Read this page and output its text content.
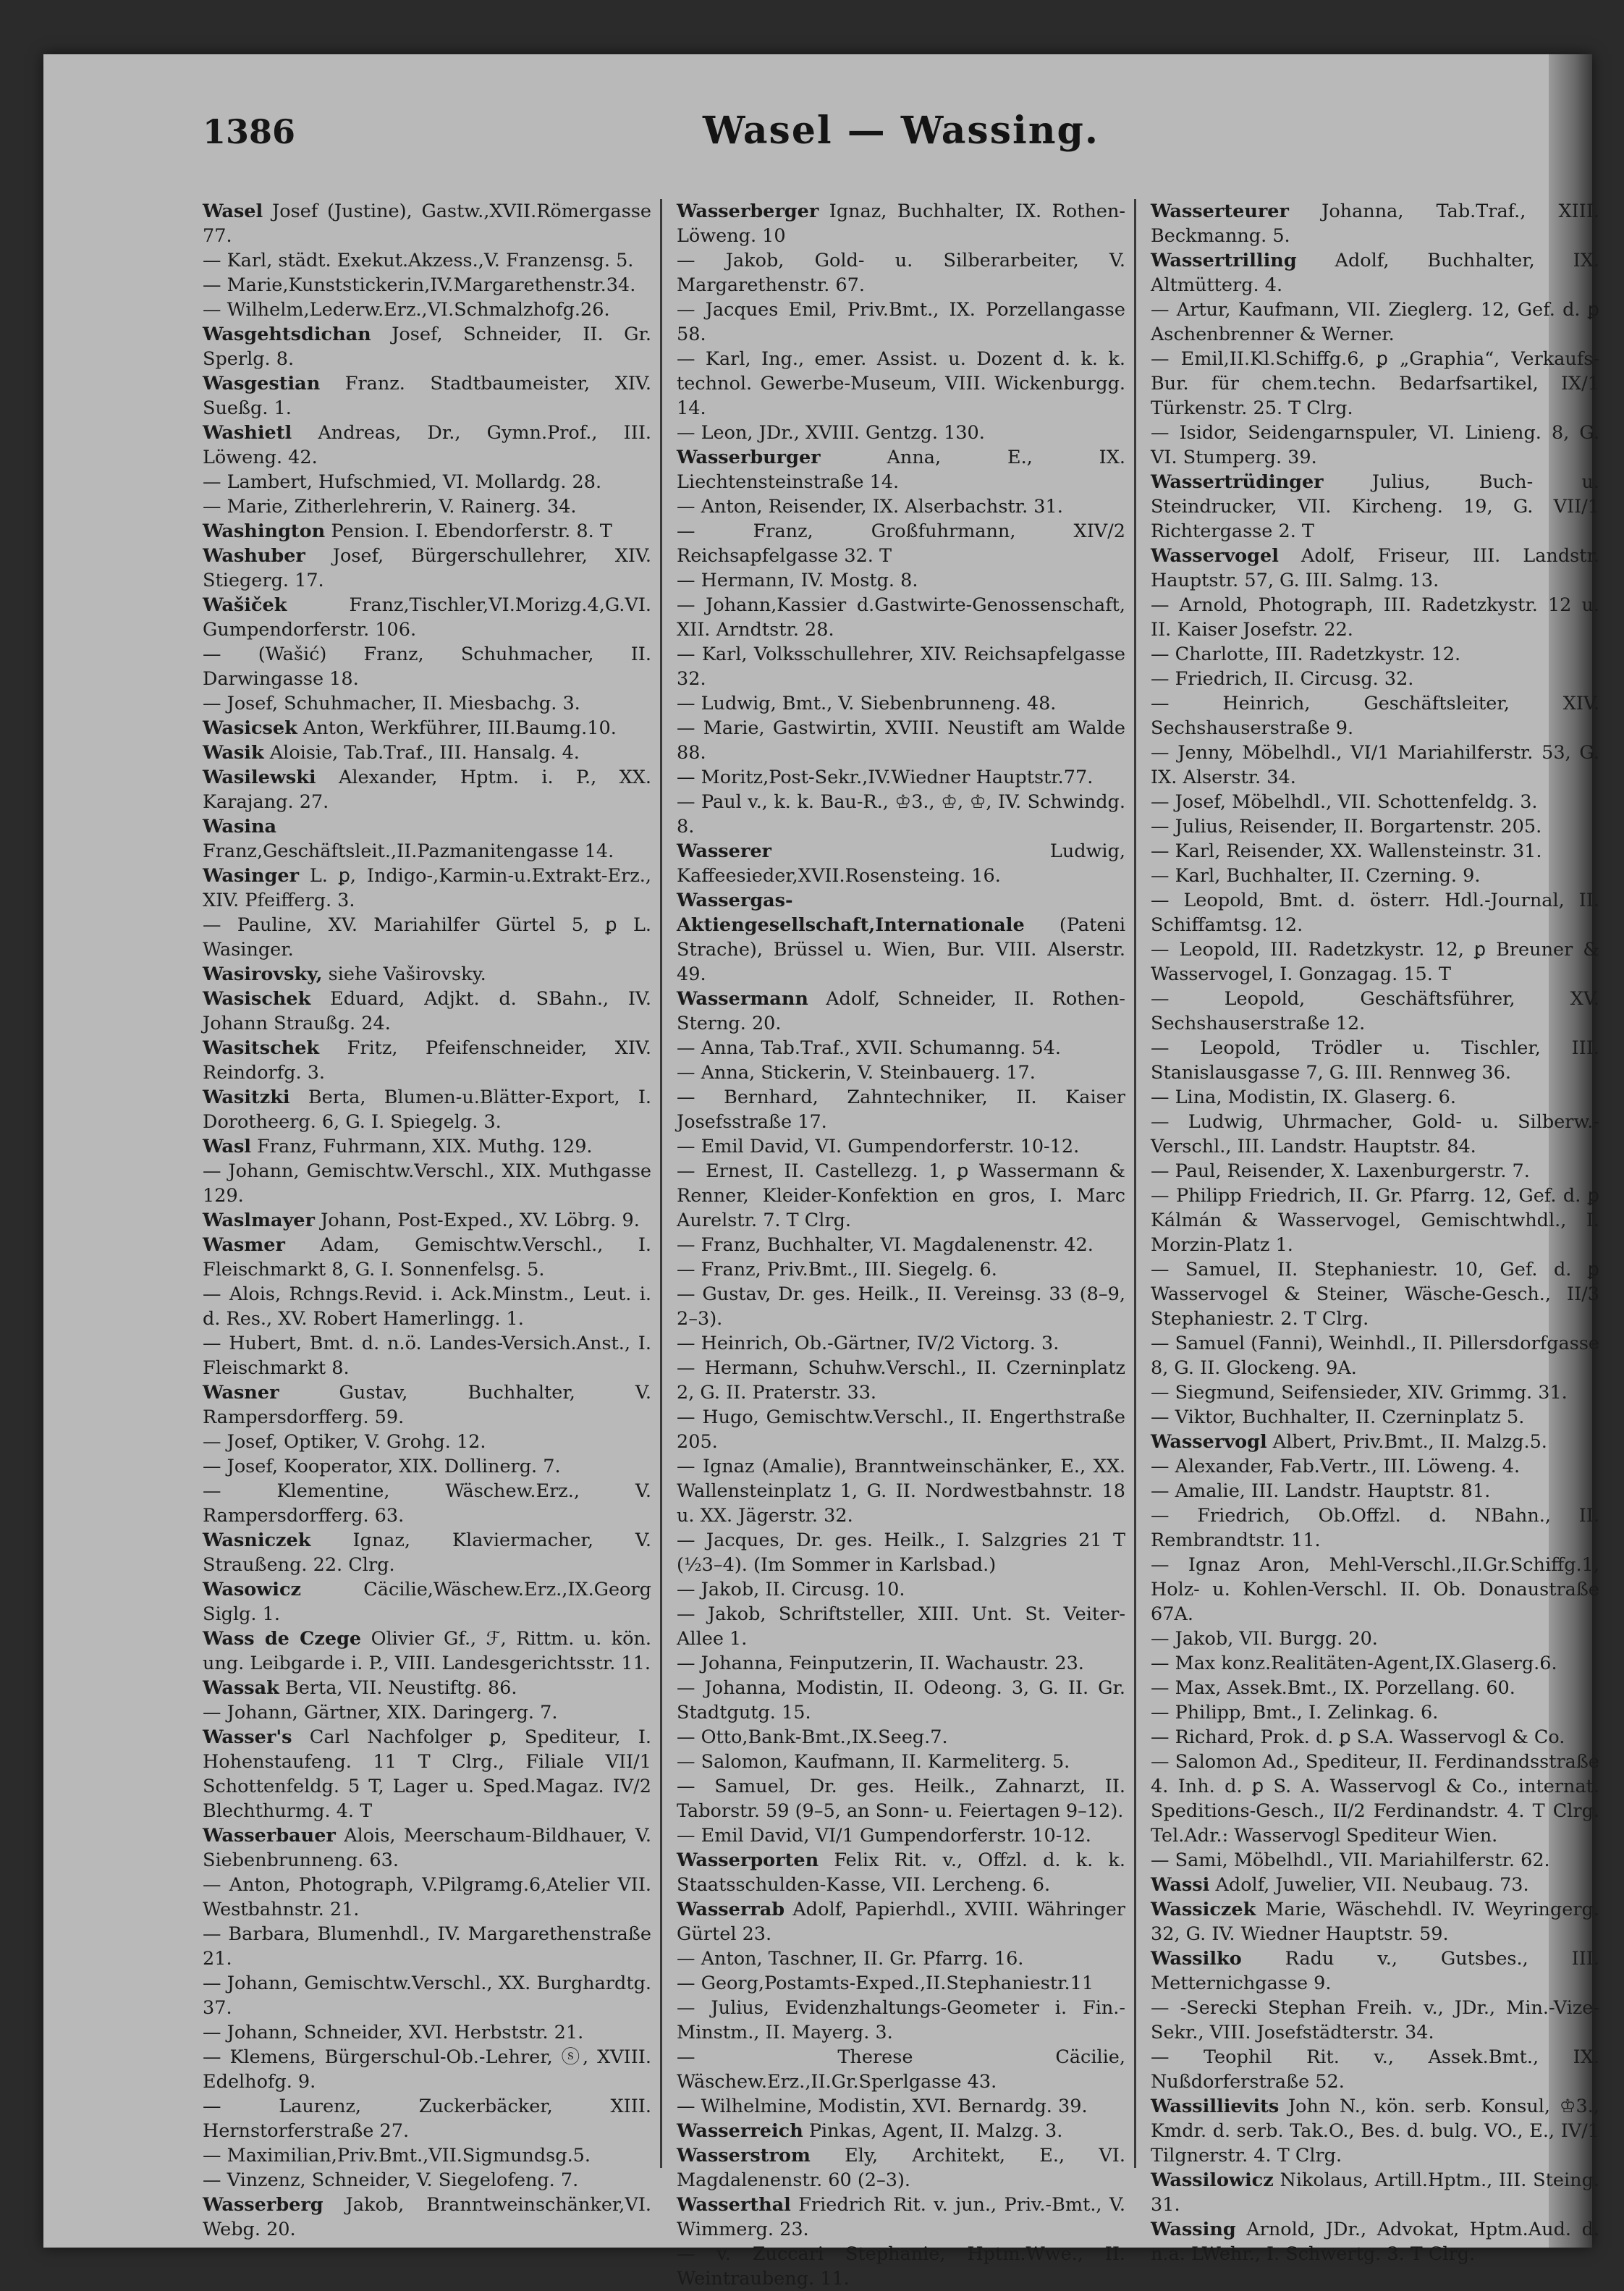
1386	Wasel — Wassing.

Wasel Josef (Justine), Gastw.,XVII.Römergasse 77.

— Karl, städt. Exekut.Akzess.,V. Franzensg. 5.

— Marie,Kunststickerin,IV.Margarethenstr.34.

— Wilhelm,Lederw.Erz.,VI.Schmalzhofg.26.

Wasgehtsdichan Josef, Schneider, II. Gr. Sperlg. 8.

Wasgestian Franz. Stadtbaumeister, XIV. Sueßg. 1.

Washietl Andreas, Dr., Gymn.Prof., III. Löweng. 42.

— Lambert, Hufschmied, VI. Mollardg. 28.

— Marie, Zitherlehrerin, V. Rainerg. 34.

Washington Pension. I. Ebendorferstr. 8. T

Washuber Josef, Bürgerschullehrer, XIV. Stiegerg. 17.

Wašiček Franz,Tischler,VI.Morizg.4,G.VI. Gumpendorferstr. 106.

— (Wašić) Franz, Schuhmacher, II. Darwingasse 18.

— Josef, Schuhmacher, II. Miesbachg. 3.

Wasicsek Anton, Werkführer, III.Baumg.10.

Wasik Aloisie, Tab.Traf., III. Hansalg. 4.

Wasilewski Alexander, Hptm. i. P., XX. Karajang. 27.

Wasina Franz,Geschäftsleit.,II.Pazmanitengasse 14.

Wasinger L. ꝑ, Indigo-,Karmin-u.Extrakt-Erz., XIV. Pfeifferg. 3.

— Pauline, XV. Mariahilfer Gürtel 5, ꝑ L. Wasinger.

Wasirovsky, siehe Vaširovsky.

Wasischek Eduard, Adjkt. d. SBahn., IV. Johann Straußg. 24.

Wasitschek Fritz, Pfeifenschneider, XIV. Reindorfg. 3.

Wasitzki Berta, Blumen-u.Blätter-Export, I. Dorotheerg. 6, G. I. Spiegelg. 3.

Wasl Franz, Fuhrmann, XIX. Muthg. 129.

— Johann, Gemischtw.Verschl., XIX. Muthgasse 129.

Waslmayer Johann, Post-Exped., XV. Löbrg. 9.

Wasmer Adam, Gemischtw.Verschl., I. Fleischmarkt 8, G. I. Sonnenfelsg. 5.

— Alois, Rchngs.Revid. i. Ack.Minstm., Leut. i. d. Res., XV. Robert Hamerlingg. 1.

— Hubert, Bmt. d. n.ö. Landes-Versich.Anst., I. Fleischmarkt 8.

Wasner Gustav, Buchhalter, V. Rampersdorfferg. 59.

— Josef, Optiker, V. Grohg. 12.

— Josef, Kooperator, XIX. Dollinerg. 7.

— Klementine, Wäschew.Erz., V. Rampersdorfferg. 63.

Wasniczek Ignaz, Klaviermacher, V. Straußeng. 22. Clrg.

Wasowicz Cäcilie,Wäschew.Erz.,IX.Georg Siglg. 1.

Wass de Czege Olivier Gf., ℱ, Rittm. u. kön. ung. Leibgarde i. P., VIII. Landesgerichtsstr. 11.

Wassak Berta, VII. Neustiftg. 86.

— Johann, Gärtner, XIX. Daringerg. 7.

Wasser's Carl Nachfolger ꝑ, Spediteur, I. Hohenstaufeng. 11 T Clrg., Filiale VII/1 Schottenfeldg. 5 T, Lager u. Sped.Magaz. IV/2 Blechthurmg. 4. T

Wasserbauer Alois, Meerschaum-Bildhauer, V. Siebenbrunneng. 63.

— Anton, Photograph, V.Pilgramg.6,Atelier VII. Westbahnstr. 21.

— Barbara, Blumenhdl., IV. Margarethenstraße 21.

— Johann, Gemischtw.Verschl., XX. Burghardtg. 37.

— Johann, Schneider, XVI. Herbststr. 21.

— Klemens, Bürgerschul-Ob.-Lehrer, ⓢ, XVIII. Edelhofg. 9.

— Laurenz, Zuckerbäcker, XIII. Hernstorferstraße 27.

— Maximilian,Priv.Bmt.,VII.Sigmundsg.5.

— Vinzenz, Schneider, V. Siegelofeng. 7.

Wasserberg Jakob, Branntweinschänker,VI. Webg. 20.

Wasserberger Ignaz, Buchhalter, IX. Rothen-Löweng. 10

— Jakob, Gold- u. Silberarbeiter, V. Margarethenstr. 67.

— Jacques Emil, Priv.Bmt., IX. Porzellangasse 58.

— Karl, Ing., emer. Assist. u. Dozent d. k. k. technol. Gewerbe-Museum, VIII. Wickenburgg. 14.

— Leon, JDr., XVIII. Gentzg. 130.

Wasserburger Anna, E., IX. Liechtensteinstraße 14.

— Anton, Reisender, IX. Alserbachstr. 31.

— Franz, Großfuhrmann, XIV/2 Reichsapfelgasse 32. T

— Hermann, IV. Mostg. 8.

— Johann,Kassier d.Gastwirte-Genossenschaft, XII. Arndtstr. 28.

— Karl, Volksschullehrer, XIV. Reichsapfelgasse 32.

— Ludwig, Bmt., V. Siebenbrunneng. 48.

— Marie, Gastwirtin, XVIII. Neustift am Walde 88.

— Moritz,Post-Sekr.,IV.Wiedner Hauptstr.77.

— Paul v., k. k. Bau-R., ♔3., ♔, ♔, IV. Schwindg. 8.

Wasserer Ludwig, Kaffeesieder,XVII.Rosensteing. 16.

Wassergas-Aktiengesellschaft,Internationale (Pateni Strache), Brüssel u. Wien, Bur. VIII. Alserstr. 49.

Wassermann Adolf, Schneider, II. Rothen-Sterng. 20.

— Anna, Tab.Traf., XVII. Schumanng. 54.

— Anna, Stickerin, V. Steinbauerg. 17.

— Bernhard, Zahntechniker, II. Kaiser Josefsstraße 17.

— Emil David, VI. Gumpendorferstr. 10-12.

— Ernest, II. Castellezg. 1, ꝑ Wassermann & Renner, Kleider-Konfektion en gros, I. Marc Aurelstr. 7. T Clrg.

— Franz, Buchhalter, VI. Magdalenenstr. 42.

— Franz, Priv.Bmt., III. Siegelg. 6.

— Gustav, Dr. ges. Heilk., II. Vereinsg. 33 (8–9, 2–3).

— Heinrich, Ob.-Gärtner, IV/2 Victorg. 3.

— Hermann, Schuhw.Verschl., II. Czerninplatz 2, G. II. Praterstr. 33.

— Hugo, Gemischtw.Verschl., II. Engerthstraße 205.

— Ignaz (Amalie), Branntweinschänker, E., XX. Wallensteinplatz 1, G. II. Nordwestbahnstr. 18 u. XX. Jägerstr. 32.

— Jacques, Dr. ges. Heilk., I. Salzgries 21 T (½3–4). (Im Sommer in Karlsbad.)

— Jakob, II. Circusg. 10.

— Jakob, Schriftsteller, XIII. Unt. St. Veiter-Allee 1.

— Johanna, Feinputzerin, II. Wachaustr. 23.

— Johanna, Modistin, II. Odeong. 3, G. II. Gr. Stadtgutg. 15.

— Otto,Bank-Bmt.,IX.Seeg.7.

— Salomon, Kaufmann, II. Karmeliterg. 5.

— Samuel, Dr. ges. Heilk., Zahnarzt, II. Taborstr. 59 (9–5, an Sonn- u. Feiertagen 9–12).

— Emil David, VI/1 Gumpendorferstr. 10-12.

Wasserporten Felix Rit. v., Offzl. d. k. k. Staatsschulden-Kasse, VII. Lercheng. 6.

Wasserrab Adolf, Papierhdl., XVIII. Währinger Gürtel 23.

— Anton, Taschner, II. Gr. Pfarrg. 16.

— Georg,Postamts-Exped.,II.Stephaniestr.11

— Julius, Evidenzhaltungs-Geometer i. Fin.-Minstm., II. Mayerg. 3.

— Therese Cäcilie, Wäschew.Erz.,II.Gr.Sperlgasse 43.

— Wilhelmine, Modistin, XVI. Bernardg. 39.

Wasserreich Pinkas, Agent, II. Malzg. 3.

Wasserstrom Ely, Architekt, E., VI. Magdalenenstr. 60 (2–3).

Wasserthal Friedrich Rit. v. jun., Priv.-Bmt., V. Wimmerg. 23.

— v. Zuccari Stephanie, Hptm.Wwe., II. Weintraubeng. 11.

Wasserteurer Johanna, Tab.Traf., XIII. Beckmanng. 5.

Wassertrilling Adolf, Buchhalter, IX. Altmütterg. 4.

— Artur, Kaufmann, VII. Zieglerg. 12, Gef. d. ꝑ Aschenbrenner & Werner.

— Emil,II.Kl.Schiffg.6, ꝑ „Graphia“, Verkaufs-Bur. für chem.techn. Bedarfsartikel, IX/1 Türkenstr. 25. T Clrg.

— Isidor, Seidengarnspuler, VI. Linieng. 8, G. VI. Stumperg. 39.

Wassertrüdinger Julius, Buch- u. Steindrucker, VII. Kircheng. 19, G. VII/1 Richtergasse 2. T

Wasservogel Adolf, Friseur, III. Landstr. Hauptstr. 57, G. III. Salmg. 13.

— Arnold, Photograph, III. Radetzkystr. 12 u. II. Kaiser Josefstr. 22.

— Charlotte, III. Radetzkystr. 12.

— Friedrich, II. Circusg. 32.

— Heinrich, Geschäftsleiter, XIV. Sechshauserstraße 9.

— Jenny, Möbelhdl., VI/1 Mariahilferstr. 53, G. IX. Alserstr. 34.

— Josef, Möbelhdl., VII. Schottenfeldg. 3.

— Julius, Reisender, II. Borgartenstr. 205.

— Karl, Reisender, XX. Wallensteinstr. 31.

— Karl, Buchhalter, II. Czerning. 9.

— Leopold, Bmt. d. österr. Hdl.-Journal, II. Schiffamtsg. 12.

— Leopold, III. Radetzkystr. 12, ꝑ Breuner & Wasservogel, I. Gonzagag. 15. T

— Leopold, Geschäftsführer, XV. Sechshauserstraße 12.

— Leopold, Trödler u. Tischler, III. Stanislausgasse 7, G. III. Rennweg 36.

— Lina, Modistin, IX. Glaserg. 6.

— Ludwig, Uhrmacher, Gold- u. Silberw.-Verschl., III. Landstr. Hauptstr. 84.

— Paul, Reisender, X. Laxenburgerstr. 7.

— Philipp Friedrich, II. Gr. Pfarrg. 12, Gef. d. ꝑ Kálmán & Wasservogel, Gemischtwhdl., I. Morzin-Platz 1.

— Samuel, II. Stephaniestr. 10, Gef. d. ꝑ Wasservogel & Steiner, Wäsche-Gesch., II/3 Stephaniestr. 2. T Clrg.

— Samuel (Fanni), Weinhdl., II. Pillersdorfgasse 8, G. II. Glockeng. 9A.

— Siegmund, Seifensieder, XIV. Grimmg. 31.

— Viktor, Buchhalter, II. Czerninplatz 5.

Wasservogl Albert, Priv.Bmt., II. Malzg.5.

— Alexander, Fab.Vertr., III. Löweng. 4.

— Amalie, III. Landstr. Hauptstr. 81.

— Friedrich, Ob.Offzl. d. NBahn., II. Rembrandtstr. 11.

— Ignaz Aron, Mehl-Verschl.,II.Gr.Schiffg.1, Holz- u. Kohlen-Verschl. II. Ob. Donaustraße 67A.

— Jakob, VII. Burgg. 20.

— Max konz.Realitäten-Agent,IX.Glaserg.6.

— Max, Assek.Bmt., IX. Porzellang. 60.

— Philipp, Bmt., I. Zelinkag. 6.

— Richard, Prok. d. ꝑ S.A. Wasservogl & Co.

— Salomon Ad., Spediteur, II. Ferdinandsstraße 4. Inh. d. ꝑ S. A. Wasservogl & Co., internat. Speditions-Gesch., II/2 Ferdinandstr. 4. T Clrg. Tel.Adr.: Wasservogl Spediteur Wien.

— Sami, Möbelhdl., VII. Mariahilferstr. 62.

Wassi Adolf, Juwelier, VII. Neubaug. 73.

Wassiczek Marie, Wäschehdl. IV. Weyringerg. 32, G. IV. Wiedner Hauptstr. 59.

Wassilko Radu v., Gutsbes., III. Metternichgasse 9.

— -Serecki Stephan Freih. v., JDr., Min.-Vize-Sekr., VIII. Josefstädterstr. 34.

— Teophil Rit. v., Assek.Bmt., IX. Nußdorferstraße 52.

Wassillievits John N., kön. serb. Konsul, ♔3., Kmdr. d. serb. Tak.O., Bes. d. bulg. VO., E., IV/1 Tilgnerstr. 4. T Clrg.

Wassilowicz Nikolaus, Artill.Hptm., III. Steing. 31.

Wassing Arnold, JDr., Advokat, Hptm.Aud. d. n.a. LWehr., I. Schwertg. 3. T Clrg.
